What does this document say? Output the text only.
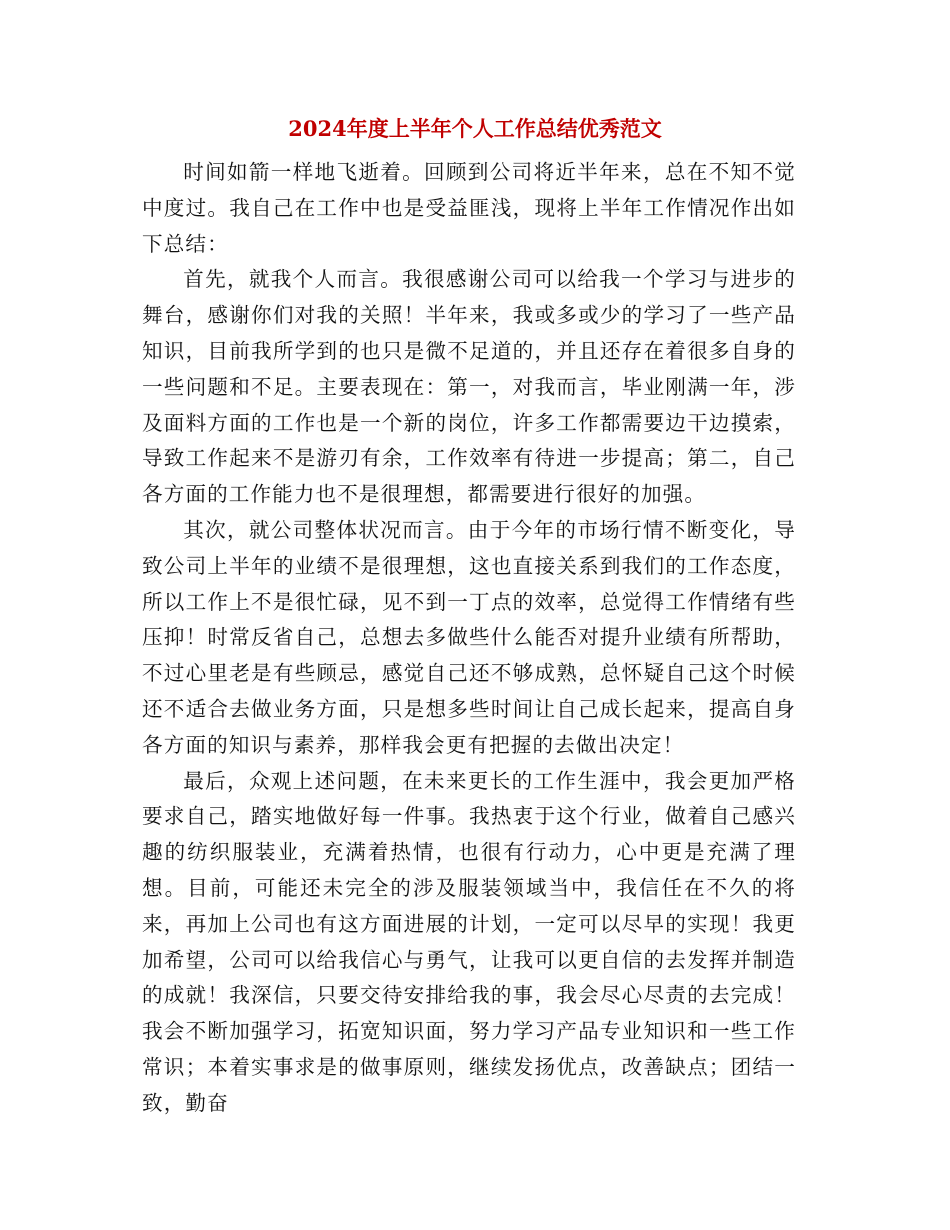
2024年度上半年个人工作总结优秀范文

时间如箭一样地飞逝着。回顾到公司将近半年来，总在不知不觉中度过。我自己在工作中也是受益匪浅，现将上半年工作情况作出如下总结：

首先，就我个人而言。我很感谢公司可以给我一个学习与进步的舞台，感谢你们对我的关照！半年来，我或多或少的学习了一些产品知识，目前我所学到的也只是微不足道的，并且还存在着很多自身的一些问题和不足。主要表现在：第一，对我而言，毕业刚满一年，涉及面料方面的工作也是一个新的岗位，许多工作都需要边干边摸索，导致工作起来不是游刃有余，工作效率有待进一步提高；第二，自己各方面的工作能力也不是很理想，都需要进行很好的加强。

其次，就公司整体状况而言。由于今年的市场行情不断变化，导致公司上半年的业绩不是很理想，这也直接关系到我们的工作态度，所以工作上不是很忙碌，见不到一丁点的效率，总觉得工作情绪有些压抑！时常反省自己，总想去多做些什么能否对提升业绩有所帮助，不过心里老是有些顾忌，感觉自己还不够成熟，总怀疑自己这个时候还不适合去做业务方面，只是想多些时间让自己成长起来，提高自身各方面的知识与素养，那样我会更有把握的去做出决定！

最后，众观上述问题，在未来更长的工作生涯中，我会更加严格要求自己，踏实地做好每一件事。我热衷于这个行业，做着自己感兴趣的纺织服装业，充满着热情，也很有行动力，心中更是充满了理想。目前，可能还未完全的涉及服装领域当中，我信任在不久的将来，再加上公司也有这方面进展的计划，一定可以尽早的实现！我更加希望，公司可以给我信心与勇气，让我可以更自信的去发挥并制造的成就！我深信，只要交待安排给我的事，我会尽心尽责的去完成！我会不断加强学习，拓宽知识面，努力学习产品专业知识和一些工作常识；本着实事求是的做事原则，继续发扬优点，改善缺点；团结一致，勤奋
